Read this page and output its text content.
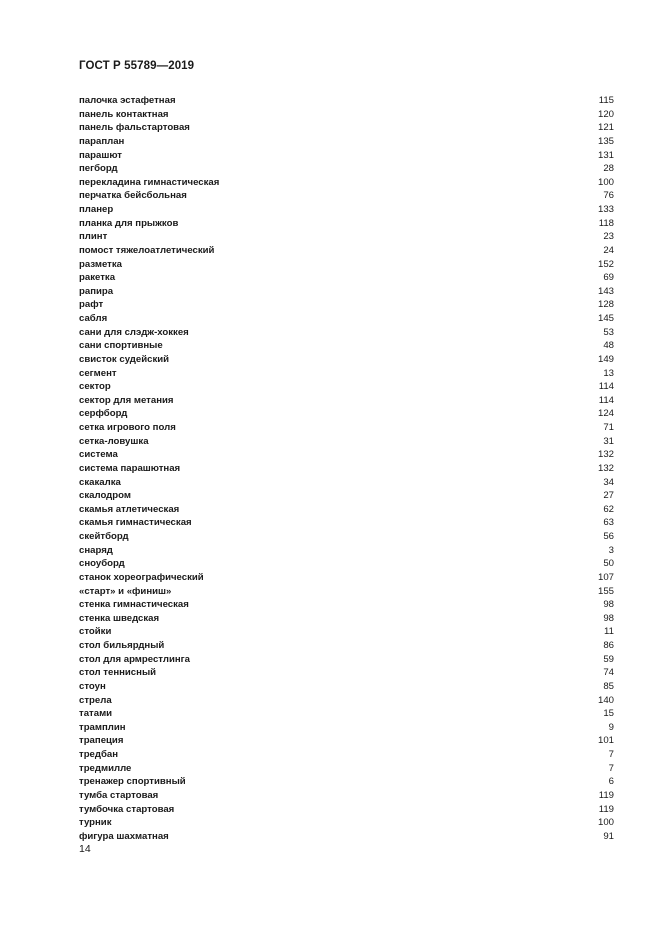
ГОСТ Р 55789—2019
палочка эстафетная	115
панель контактная	120
панель фальстартовая	121
параплан	135
парашют	131
пегборд	28
перекладина гимнастическая	100
перчатка бейсбольная	76
планер	133
планка для прыжков	118
плинт	23
помост тяжелоатлетический	24
разметка	152
ракетка	69
рапира	143
рафт	128
сабля	145
сани для слэдж-хоккея	53
сани спортивные	48
свисток судейский	149
сегмент	13
сектор	114
сектор для метания	114
серфборд	124
сетка игрового поля	71
сетка-ловушка	31
система	132
система парашютная	132
скакалка	34
скалодром	27
скамья атлетическая	62
скамья гимнастическая	63
скейтборд	56
снаряд	3
сноуборд	50
станок хореографический	107
«старт» и «финиш»	155
стенка гимнастическая	98
стенка шведская	98
стойки	11
стол бильярдный	86
стол для армрестлинга	59
стол теннисный	74
стоун	85
стрела	140
татами	15
трамплин	9
трапеция	101
тредбан	7
тредмилле	7
тренажер спортивный	6
тумба стартовая	119
тумбочка стартовая	119
турник	100
фигура шахматная	91
14
